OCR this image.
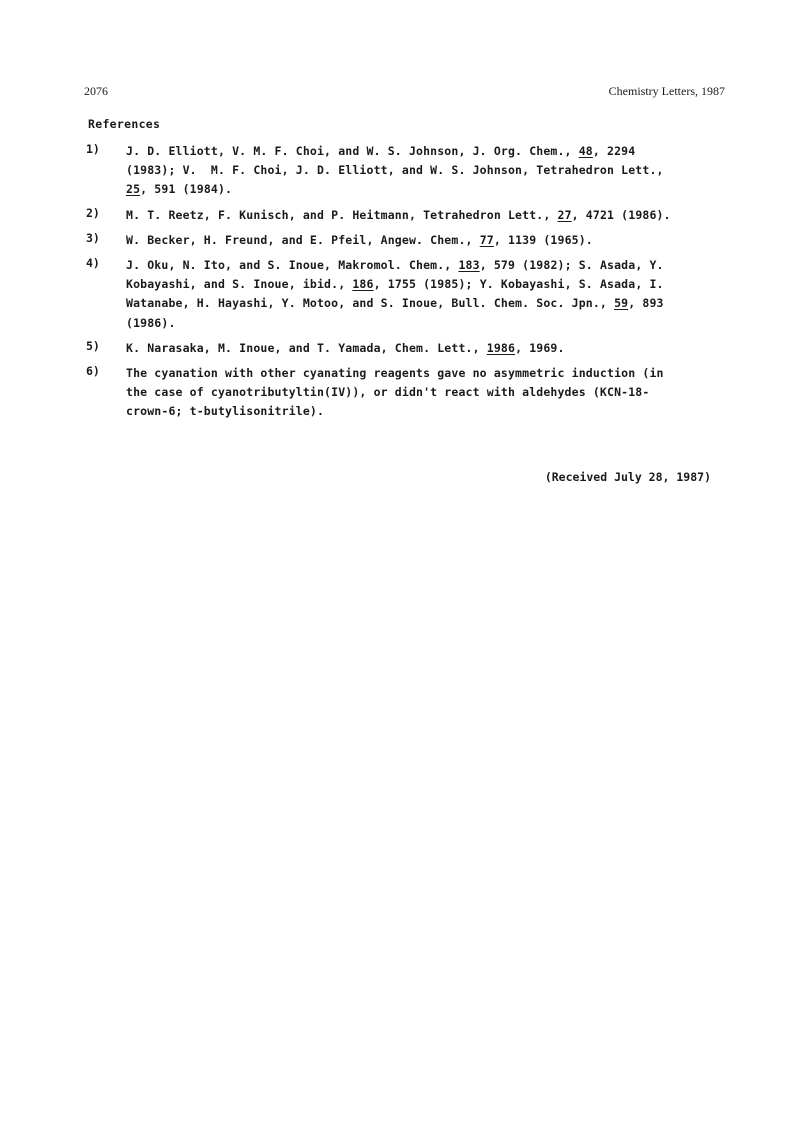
2076	Chemistry Letters, 1987
References
1)	J. D. Elliott, V. M. F. Choi, and W. S. Johnson, J. Org. Chem., 48, 2294
(1983); V.  M. F. Choi, J. D. Elliott, and W. S. Johnson, Tetrahedron Lett.,
25, 591 (1984).
2)	M. T. Reetz, F. Kunisch, and P. Heitmann, Tetrahedron Lett., 27, 4721 (1986).
3)	W. Becker, H. Freund, and E. Pfeil, Angew. Chem., 77, 1139 (1965).
4)	J. Oku, N. Ito, and S. Inoue, Makromol. Chem., 183, 579 (1982); S. Asada, Y.
Kobayashi, and S. Inoue, ibid., 186, 1755 (1985); Y. Kobayashi, S. Asada, I.
Watanabe, H. Hayashi, Y. Motoo, and S. Inoue, Bull. Chem. Soc. Jpn., 59, 893
(1986).
5)	K. Narasaka, M. Inoue, and T. Yamada, Chem. Lett., 1986, 1969.
6)	The cyanation with other cyanating reagents gave no asymmetric induction (in
the case of cyanotributyltin(IV)), or didn't react with aldehydes (KCN-18-
crown-6; t-butylisonitrile).
(Received July 28, 1987)
